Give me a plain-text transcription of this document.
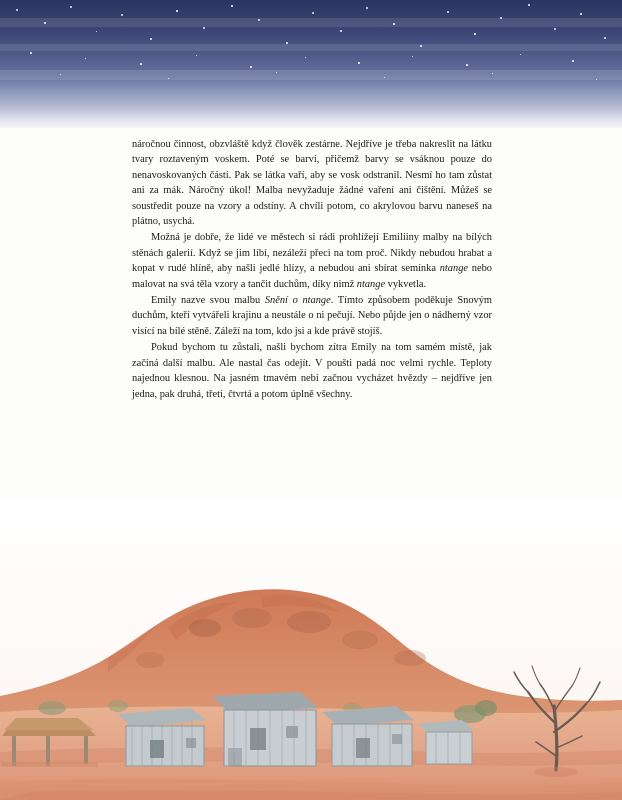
náročnou činnost, obzvláště když člověk zestárne. Nejdříve je třeba nakreslit na látku tvary roztaveným voskem. Poté se barví, přičemž barvy se vsáknou pouze do nenavoskovaných částí. Pak se látka vaří, aby se vosk odstranil. Nesmí ho tam zůstat ani za mák. Náročný úkol! Malba nevyžaduje žádné vaření ani čištění. Můžeš se soustředit pouze na vzory a odstíny. A chvíli potom, co akrylovou barvu naneseš na plátno, usychá.

Možná je dobře, že lidé ve městech si rádi prohlížejí Emiliiny malby na bílých stěnách galerií. Když se jim líbí, nezáleží přeci na tom proč. Nikdy nebudou hrabat a kopat v rudé hlíně, aby našli jedlé hlízy, a nebudou ani sbírat semínka ntange nebo malovat na svá těla vzory a tančit duchům, díky nimž ntange vykvetla.

Emily nazve svou malbu Snění o ntange. Tímto způsobem poděkuje Snovým duchům, kteří vytvářeli krajinu a neustále o ni pečují. Nebo půjde jen o nádherný vzor visící na bílé stěně. Záleží na tom, kdo jsi a kde právě stojíš.

Pokud bychom tu zůstali, našli bychom zítra Emily na tom samém místě, jak začíná další malbu. Ale nastal čas odejít. V poušti padá noc velmi rychle. Teploty najednou klesnou. Na jasném tmavém nebi začnou vycházet hvězdy – nejdříve jen jedna, pak druhá, třetí, čtvrtá a potom úplně všechny.
